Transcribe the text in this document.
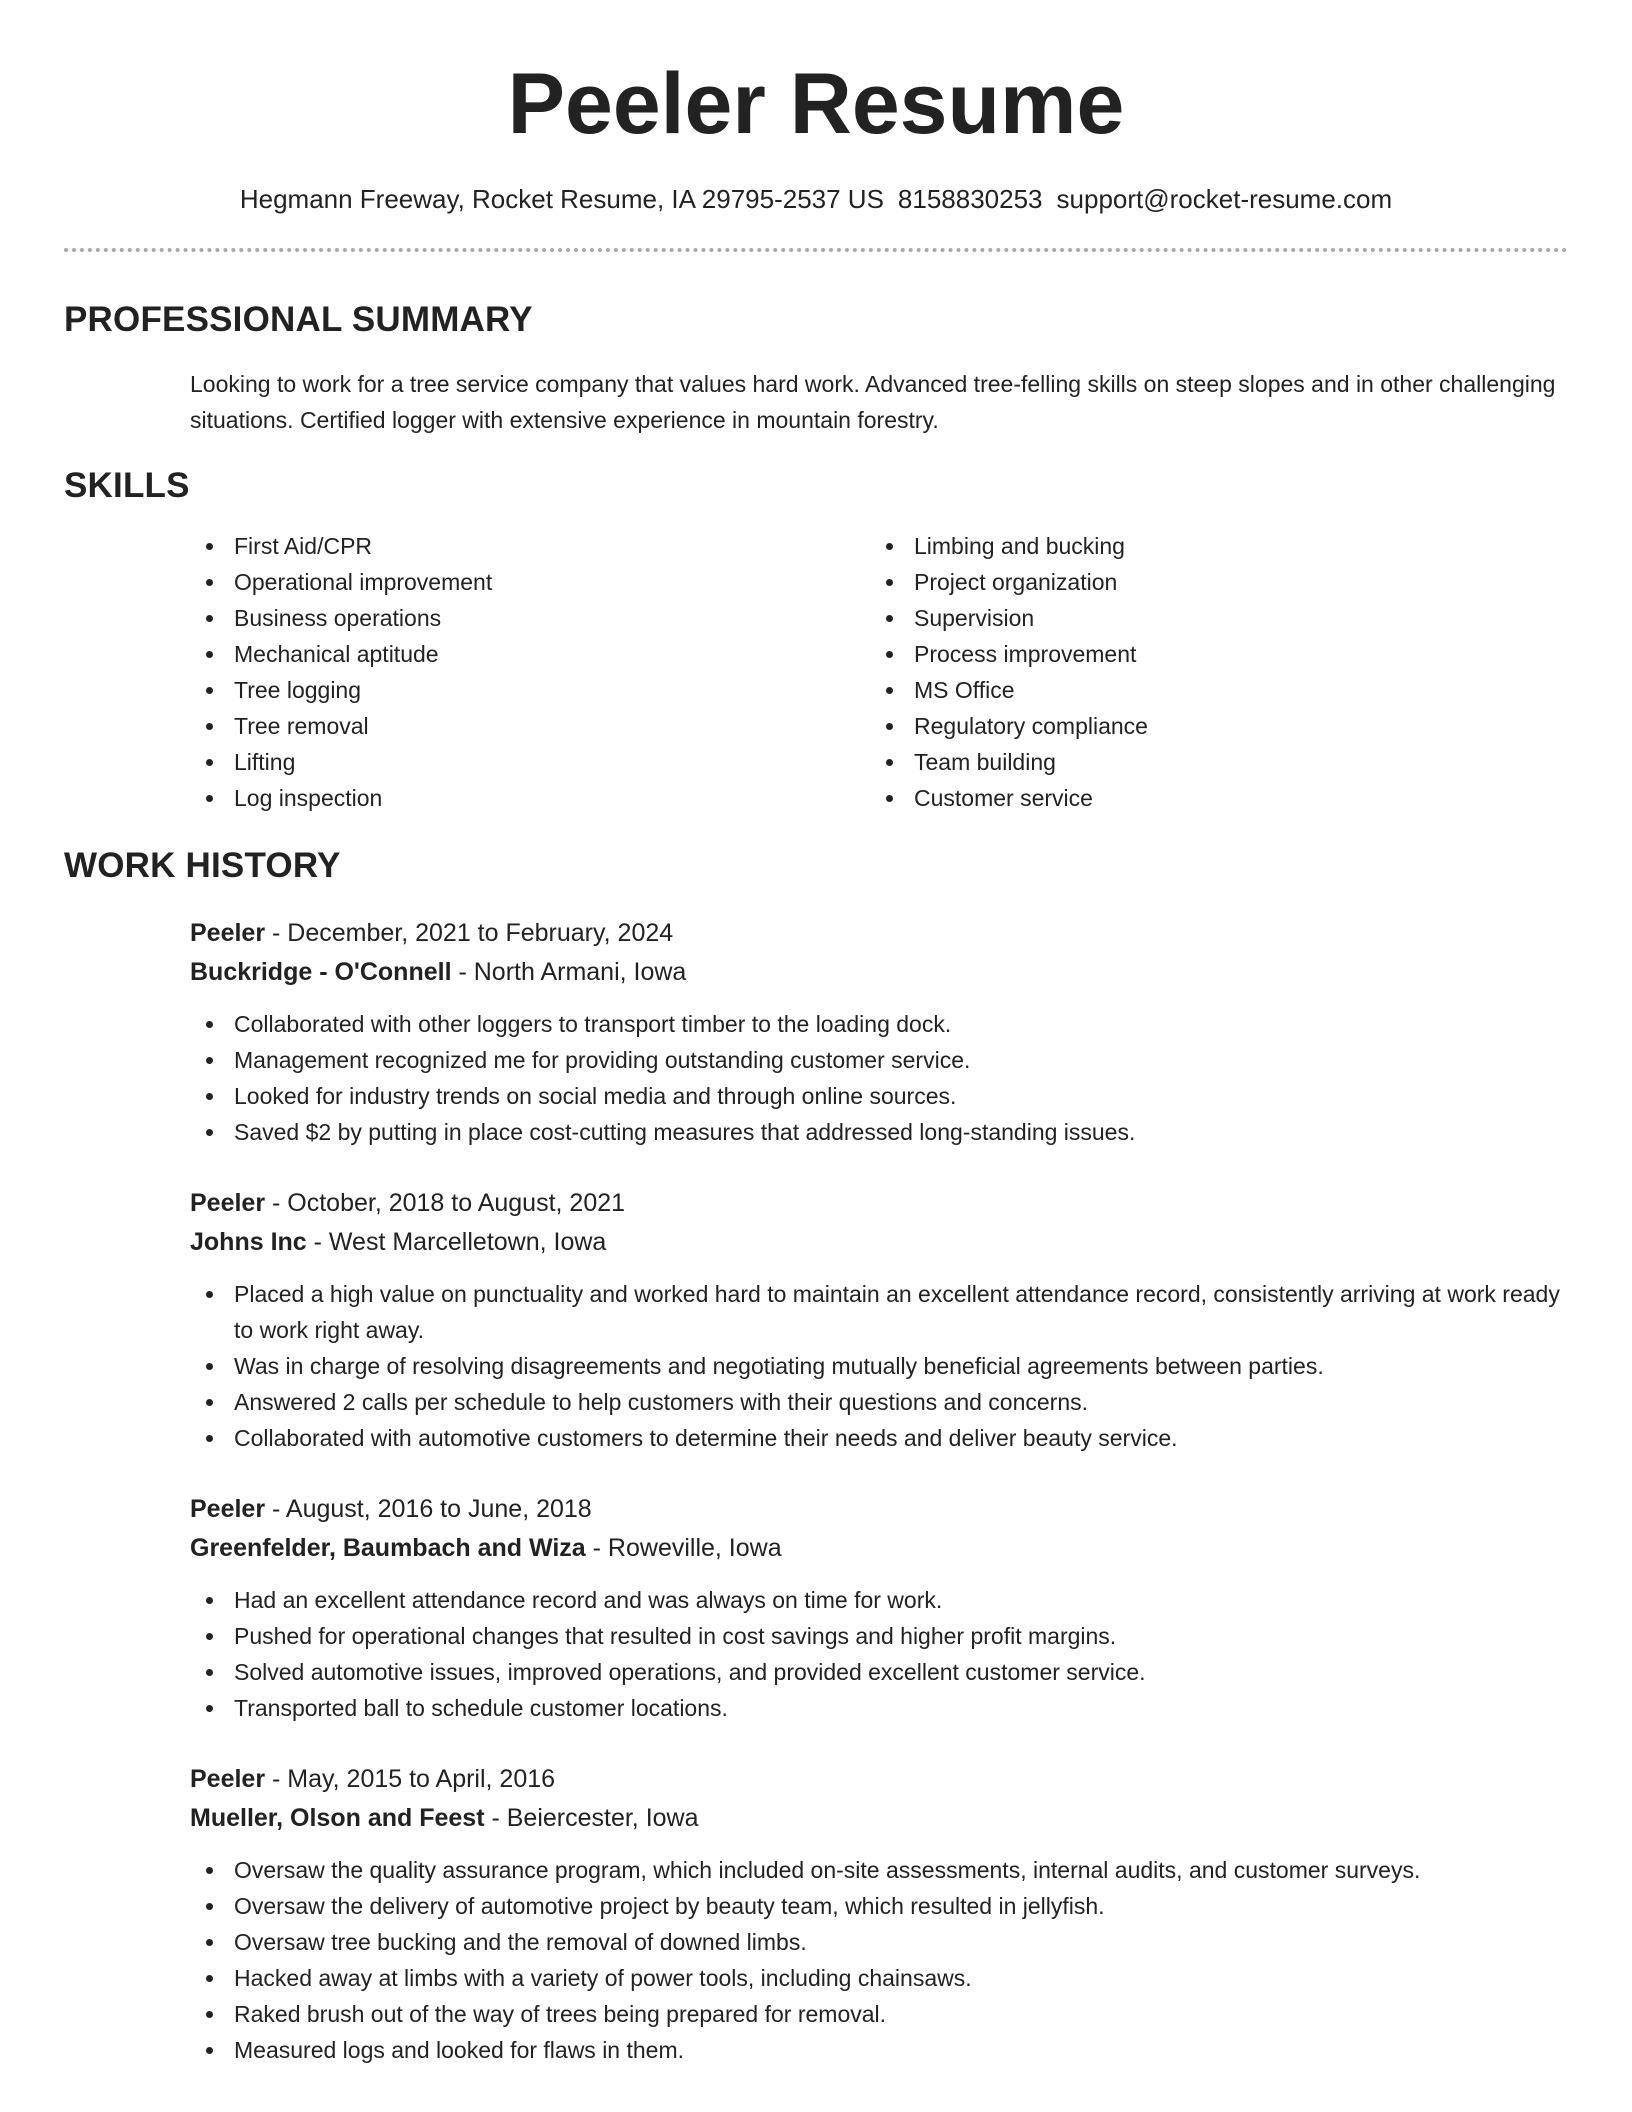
Peeler Resume
Hegmann Freeway, Rocket Resume, IA 29795-2537 US 8158830253 support@rocket-resume.com
PROFESSIONAL SUMMARY

Looking to work for a tree service company that values hard work. Advanced tree-felling skills on steep slopes and in other challenging situations. Certified logger with extensive experience in mountain forestry.

SKILLS
First Aid/CPR
Operational improvement
Business operations
Mechanical aptitude
Tree logging
Tree removal
Lifting
Log inspection
Limbing and bucking
Project organization
Supervision
Process improvement
MS Office
Regulatory compliance
Team building
Customer service
WORK HISTORY
Peeler - December, 2021 to February, 2024
Buckridge - O'Connell - North Armani, Iowa
Collaborated with other loggers to transport timber to the loading dock.
Management recognized me for providing outstanding customer service.
Looked for industry trends on social media and through online sources.
Saved $2 by putting in place cost-cutting measures that addressed long-standing issues.
Peeler - October, 2018 to August, 2021
Johns Inc - West Marcelletown, Iowa
Placed a high value on punctuality and worked hard to maintain an excellent attendance record, consistently arriving at work ready to work right away.
Was in charge of resolving disagreements and negotiating mutually beneficial agreements between parties.
Answered 2 calls per schedule to help customers with their questions and concerns.
Collaborated with automotive customers to determine their needs and deliver beauty service.
Peeler - August, 2016 to June, 2018
Greenfelder, Baumbach and Wiza - Roweville, Iowa
Had an excellent attendance record and was always on time for work.
Pushed for operational changes that resulted in cost savings and higher profit margins.
Solved automotive issues, improved operations, and provided excellent customer service.
Transported ball to schedule customer locations.
Peeler - May, 2015 to April, 2016
Mueller, Olson and Feest - Beiercester, Iowa
Oversaw the quality assurance program, which included on-site assessments, internal audits, and customer surveys.
Oversaw the delivery of automotive project by beauty team, which resulted in jellyfish.
Oversaw tree bucking and the removal of downed limbs.
Hacked away at limbs with a variety of power tools, including chainsaws.
Raked brush out of the way of trees being prepared for removal.
Measured logs and looked for flaws in them.
